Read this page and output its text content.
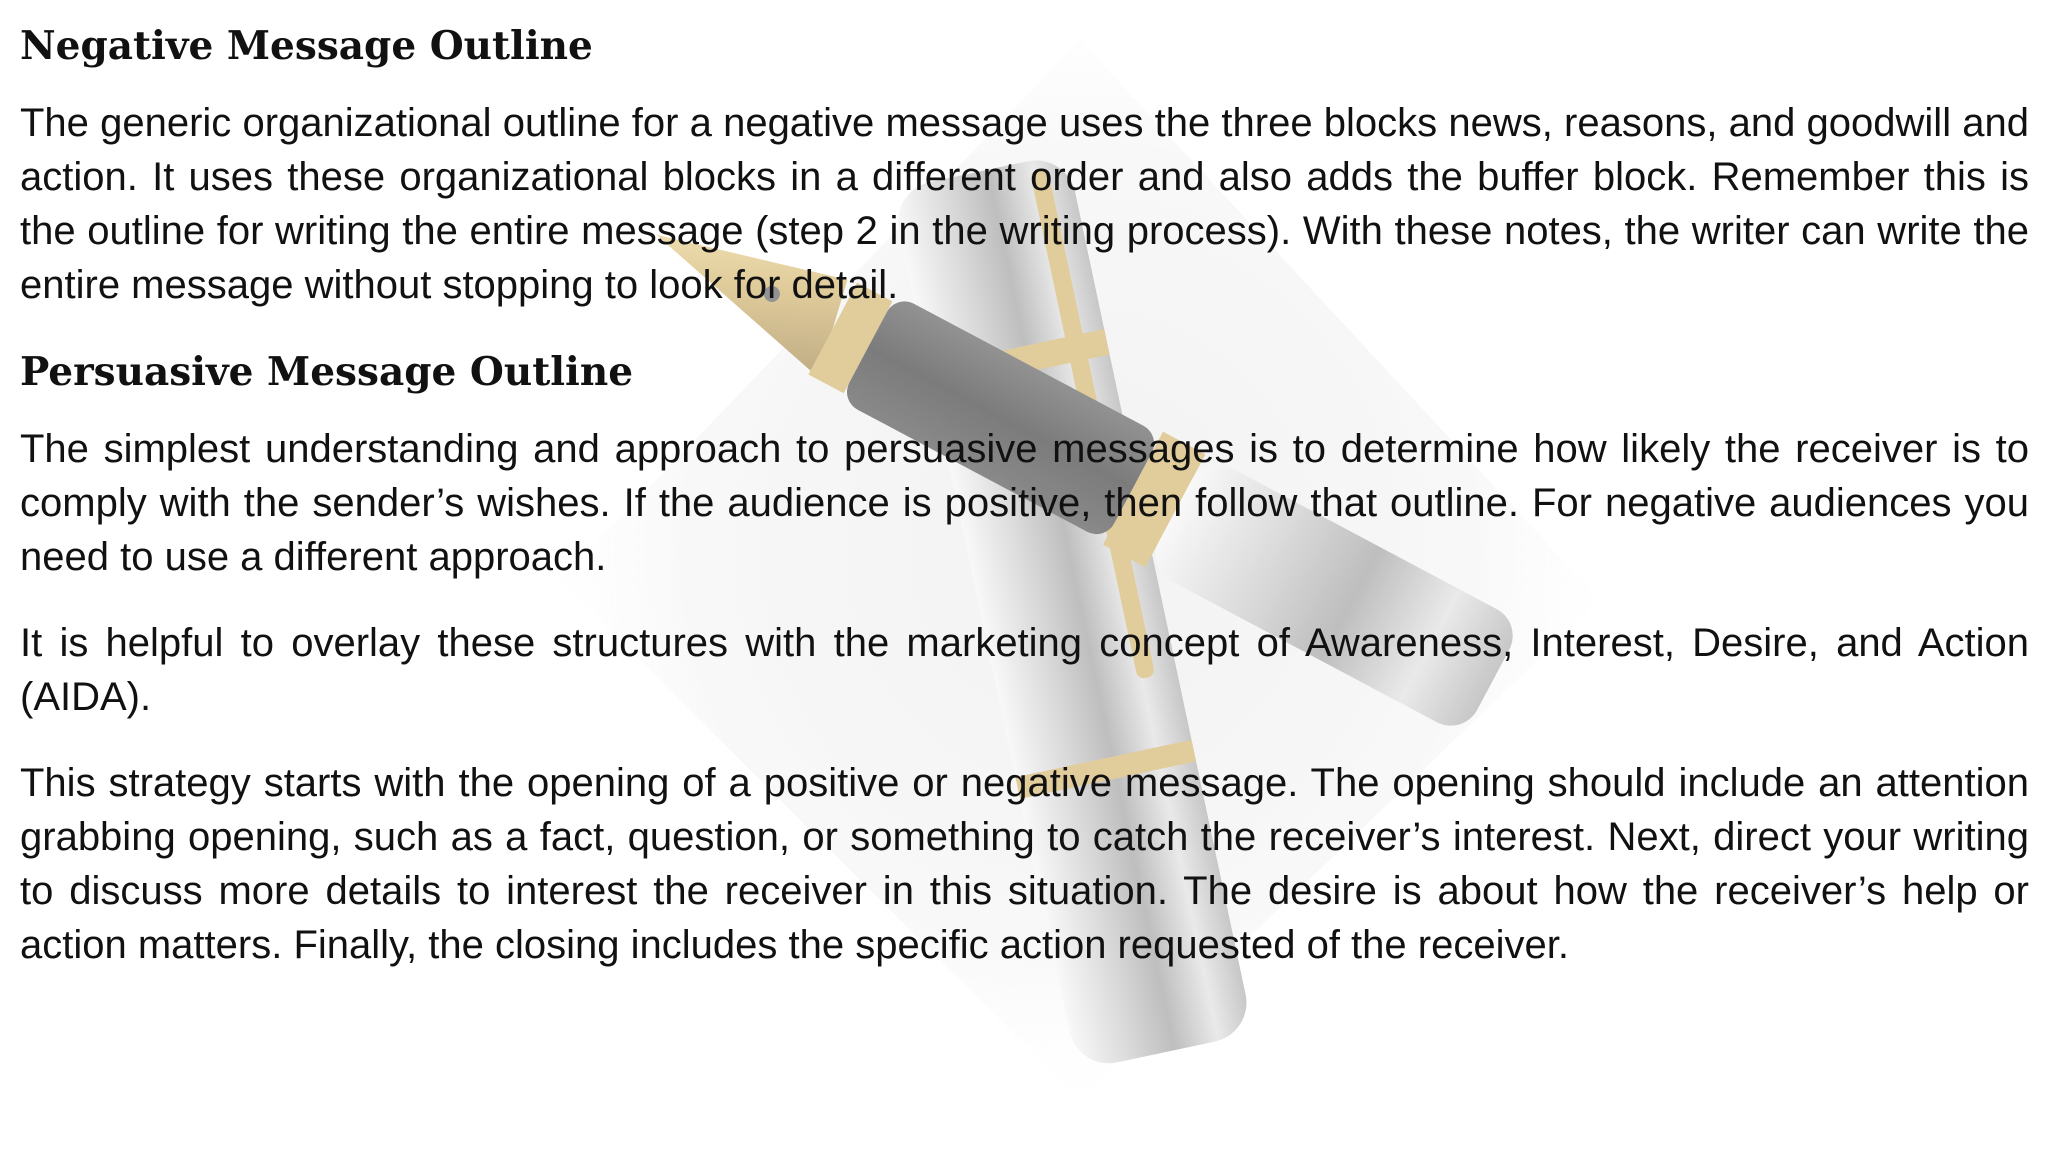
Negative Message Outline

The generic organizational outline for a negative message uses the three blocks news, reasons, and goodwill and action. It uses these organizational blocks in a different order and also adds the buffer block. Remember this is the outline for writing the entire message (step 2 in the writing process). With these notes, the writer can write the entire message without stopping to look for detail.

Persuasive Message Outline

The simplest understanding and approach to persuasive messages is to determine how likely the receiver is to comply with the sender’s wishes. If the audience is positive, then follow that outline. For negative audiences you need to use a different approach.

It is helpful to overlay these structures with the marketing concept of Awareness, Interest, Desire, and Action (AIDA).

This strategy starts with the opening of a positive or negative message. The opening should include an attention grabbing opening, such as a fact, question, or something to catch the receiver’s interest. Next, direct your writing to discuss more details to interest the receiver in this situation. The desire is about how the receiver’s help or action matters. Finally, the closing includes the specific action requested of the receiver.
